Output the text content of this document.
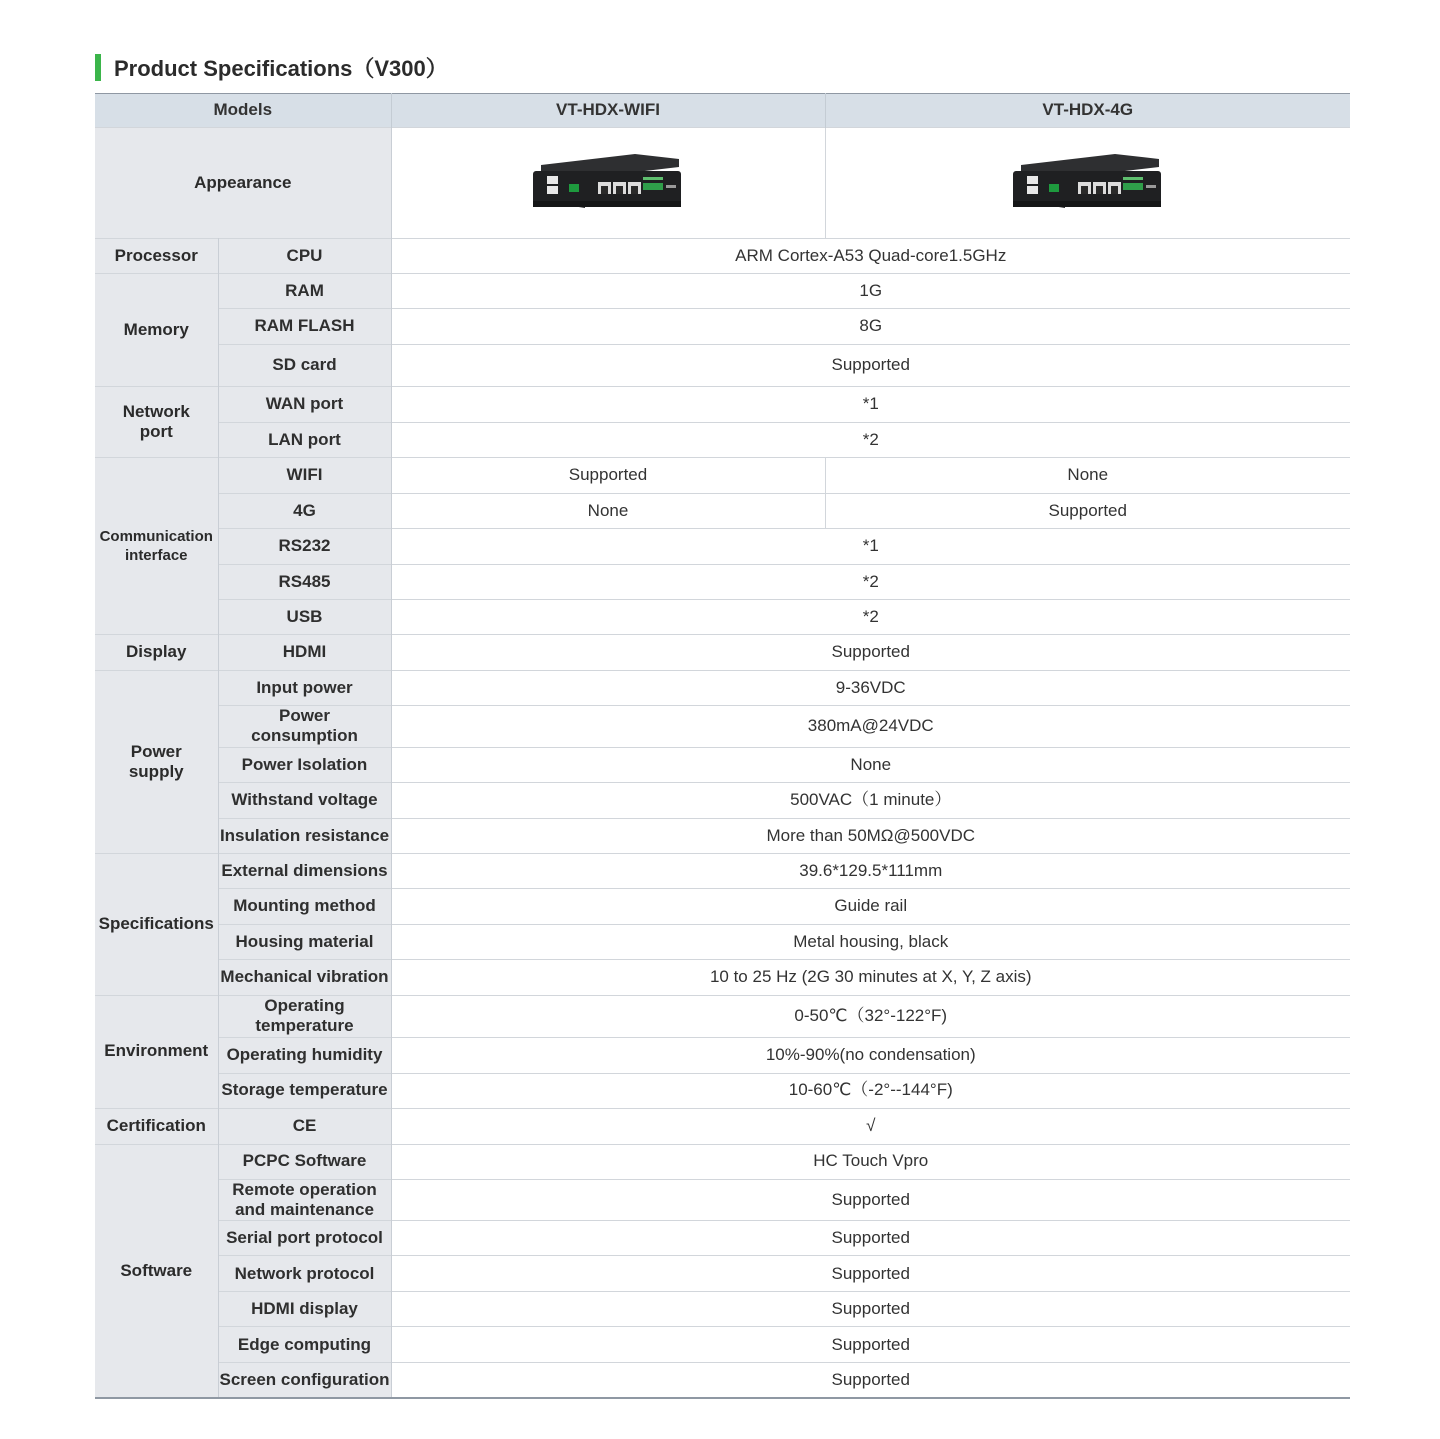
Product Specifications（V300）
Models		VT-HDX-WIFI	VT-HDX-4G
Appearance	

Processor	CPU	ARM Cortex-A53 Quad-core1.5GHz	
Memory	RAM	1G	
	RAM FLASH	8G	
	SD card	Supported	
Network
port	WAN port	*1	
	LAN port	*2	
Communication
interface	WIFI	Supported	None
	4G	None	Supported
	RS232	*1	
	RS485	*2	
	USB	*2	
Display	HDMI	Supported	
Power
supply	Input power	9-36VDC	
	Power
consumption	380mA@24VDC	
	Power Isolation	None	
	Withstand voltage	500VAC（1 minute）	
	Insulation resistance	More than 50MΩ@500VDC	
Specifications	External dimensions	39.6*129.5*111mm	
	Mounting method	Guide rail	
	Housing material	Metal housing, black	
	Mechanical vibration	10 to 25 Hz (2G 30 minutes at X, Y, Z axis)	
Environment	Operating temperature	0-50℃（32°-122°F)	
	Operating humidity	10%-90%(no condensation)	
	Storage temperature	10-60℃（-2°--144°F)	
Certification	CE	√	
Software	PCPC Software	HC Touch Vpro	
	Remote operation
and maintenance	Supported	
	Serial port protocol	Supported	
	Network protocol	Supported	
	HDMI display	Supported	
	Edge computing	Supported	
	Screen configuration	Supported	
